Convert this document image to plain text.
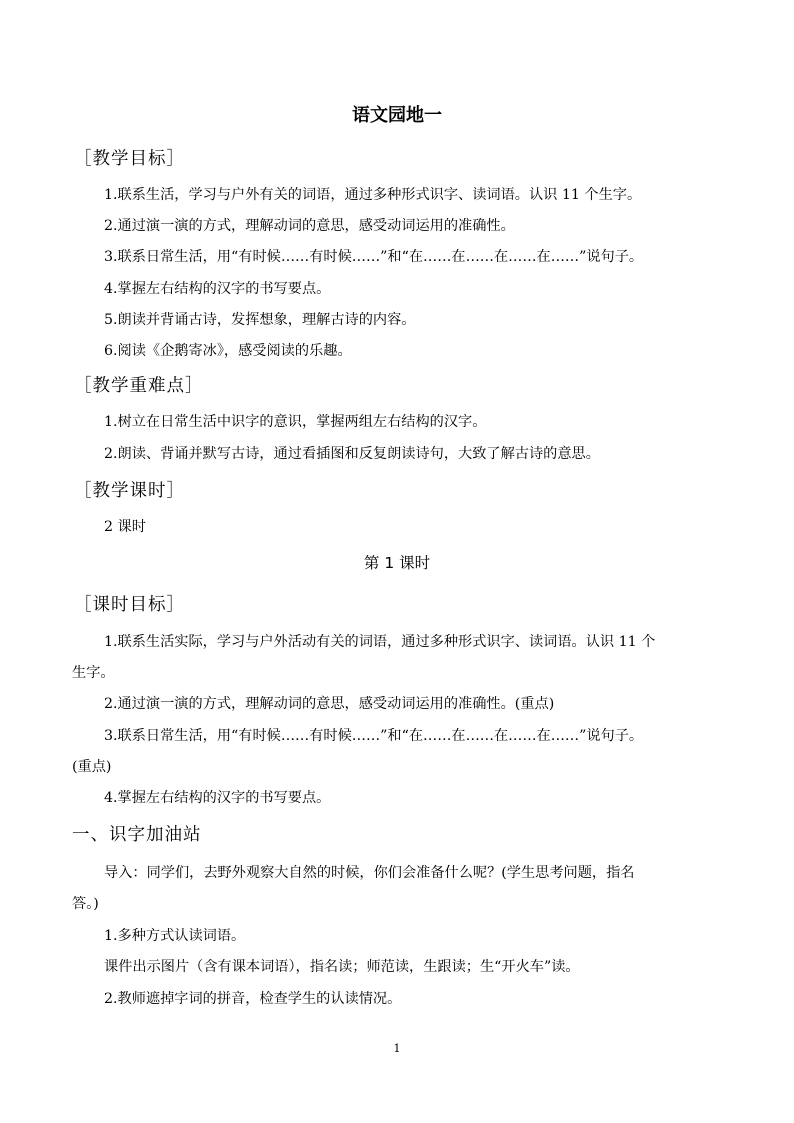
语文园地一
［教学目标］
1.联系生活，学习与户外有关的词语，通过多种形式识字、读词语。认识 11 个生字。
2.通过演一演的方式，理解动词的意思，感受动词运用的准确性。
3.联系日常生活，用“有时候……有时候……”和“在……在……在……在……”说句子。
4.掌握左右结构的汉字的书写要点。
5.朗读并背诵古诗，发挥想象，理解古诗的内容。
6.阅读《企鹅寄冰》，感受阅读的乐趣。
［教学重难点］
1.树立在日常生活中识字的意识，掌握两组左右结构的汉字。
2.朗读、背诵并默写古诗，通过看插图和反复朗读诗句，大致了解古诗的意思。
［教学课时］
2 课时
第 1 课时
［课时目标］
1.联系生活实际，学习与户外活动有关的词语，通过多种形式识字、读词语。认识 11 个
生字。
2.通过演一演的方式，理解动词的意思，感受动词运用的准确性。(重点)
3.联系日常生活，用“有时候……有时候……”和“在……在……在……在……”说句子。
(重点)
4.掌握左右结构的汉字的书写要点。
一、识字加油站
导入：同学们，去野外观察大自然的时候，你们会准备什么呢？(学生思考问题，指名
答。)
1.多种方式认读词语。
课件出示图片（含有课本词语），指名读；师范读，生跟读；生“开火车”读。
2.教师遮掉字词的拼音，检查学生的认读情况。
1
